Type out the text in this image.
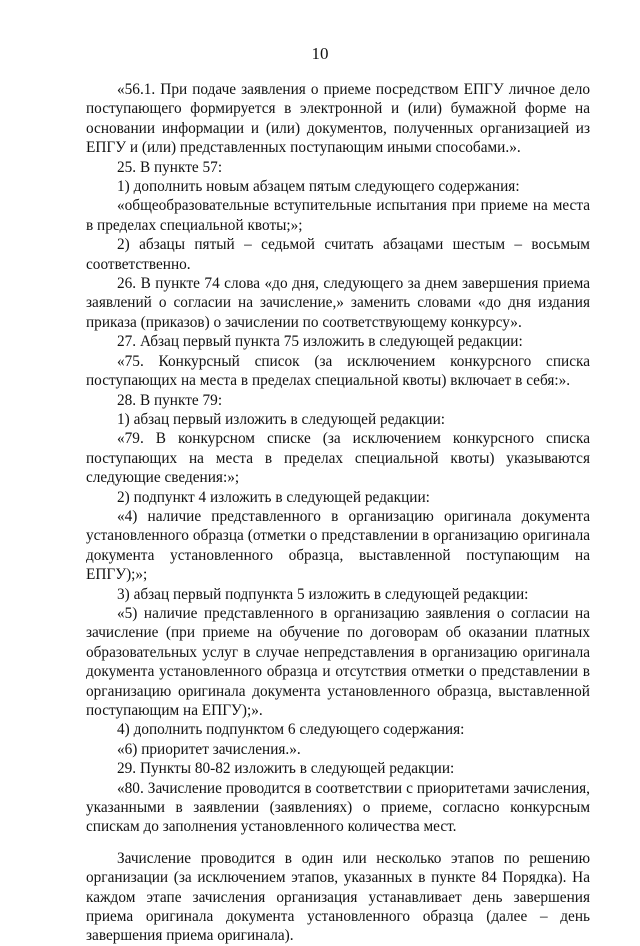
10

«56.1. При подаче заявления о приеме посредством ЕПГУ личное дело поступающего формируется в электронной и (или) бумажной форме на основании информации и (или) документов, полученных организацией из ЕПГУ и (или) представленных поступающим иными способами.».

25. В пункте 57:

1) дополнить новым абзацем пятым следующего содержания:

«общеобразовательные вступительные испытания при приеме на места в пределах специальной квоты;»;

2) абзацы пятый – седьмой считать абзацами шестым – восьмым соответственно.

26. В пункте 74 слова «до дня, следующего за днем завершения приема заявлений о согласии на зачисление,» заменить словами «до дня издания приказа (приказов) о зачислении по соответствующему конкурсу».

27. Абзац первый пункта 75 изложить в следующей редакции:

«75. Конкурсный список (за исключением конкурсного списка поступающих на места в пределах специальной квоты) включает в себя:».

28. В пункте 79:

1) абзац первый изложить в следующей редакции:

«79. В конкурсном списке (за исключением конкурсного списка поступающих на места в пределах специальной квоты) указываются следующие сведения:»;

2) подпункт 4 изложить в следующей редакции:

«4) наличие представленного в организацию оригинала документа установленного образца (отметки о представлении в организацию оригинала документа установленного образца, выставленной поступающим на ЕПГУ);»;

3) абзац первый подпункта 5 изложить в следующей редакции:

«5) наличие представленного в организацию заявления о согласии на зачисление (при приеме на обучение по договорам об оказании платных образовательных услуг в случае непредставления в организацию оригинала документа установленного образца и отсутствия отметки о представлении в организацию оригинала документа установленного образца, выставленной поступающим на ЕПГУ);».

4) дополнить подпунктом 6 следующего содержания:

«6) приоритет зачисления.».

29. Пункты 80-82 изложить в следующей редакции:

«80. Зачисление проводится в соответствии с приоритетами зачисления, указанными в заявлении (заявлениях) о приеме, согласно конкурсным спискам до заполнения установленного количества мест.

Зачисление проводится в один или несколько этапов по решению организации (за исключением этапов, указанных в пункте 84 Порядка). На каждом этапе зачисления организация устанавливает день завершения приема оригинала документа установленного образца (далее – день завершения приема оригинала).
